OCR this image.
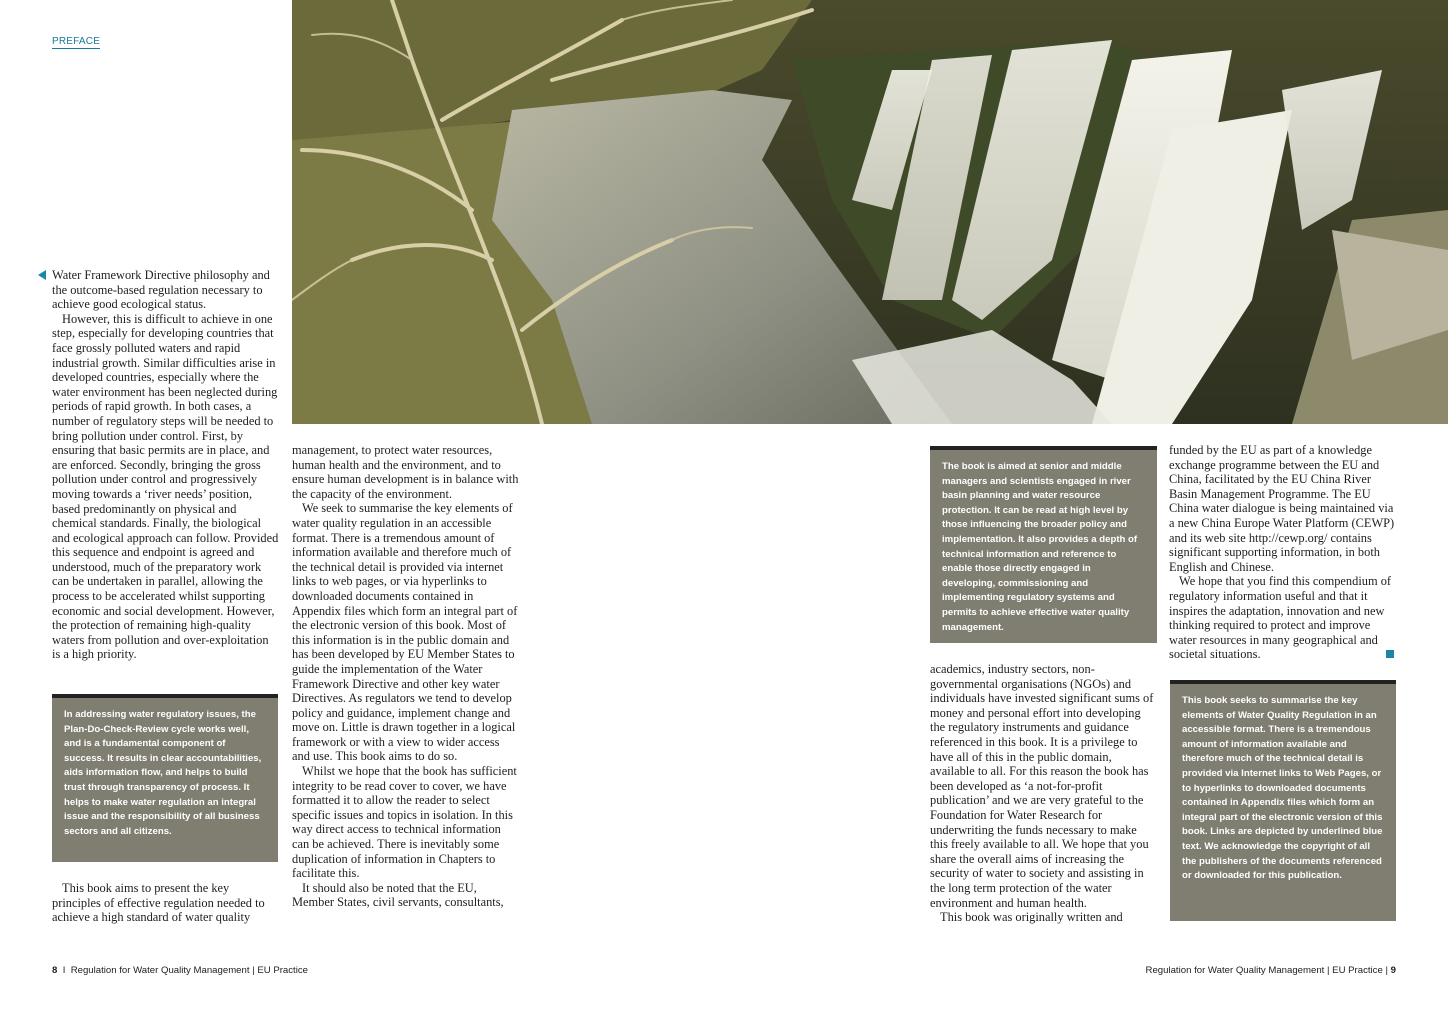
PREFACE

Water Framework Directive philosophy and the outcome-based regulation necessary to achieve good ecological status.

However, this is difficult to achieve in one step, especially for developing countries that face grossly polluted waters and rapid industrial growth. Similar difficulties arise in developed countries, especially where the water environment has been neglected during periods of rapid growth. In both cases, a number of regulatory steps will be needed to bring pollution under control. First, by ensuring that basic permits are in place, and are enforced. Secondly, bringing the gross pollution under control and progressively moving towards a ‘river needs’ position, based predominantly on physical and chemical standards. Finally, the biological and ecological approach can follow. Provided this sequence and endpoint is agreed and understood, much of the preparatory work can be undertaken in parallel, allowing the process to be accelerated whilst supporting economic and social development. However, the protection of remaining high-quality waters from pollution and over-exploitation is a high priority.

In addressing water regulatory issues, the Plan-Do-Check-Review cycle works well, and is a fundamental component of success. It results in clear accountabilities, aids information flow, and helps to build trust through transparency of process. It helps to make water regulation an integral issue and the responsibility of all business sectors and all citizens.

This book aims to present the key principles of effective regulation needed to achieve a high standard of water quality

management, to protect water resources, human health and the environment, and to ensure human development is in balance with the capacity of the environment.

We seek to summarise the key elements of water quality regulation in an accessible format. There is a tremendous amount of information available and therefore much of the technical detail is provided via internet links to web pages, or via hyperlinks to downloaded documents contained in Appendix files which form an integral part of the electronic version of this book. Most of this information is in the public domain and has been developed by EU Member States to guide the implementation of the Water Framework Directive and other key water Directives. As regulators we tend to develop policy and guidance, implement change and move on. Little is drawn together in a logical framework or with a view to wider access and use. This book aims to do so.

Whilst we hope that the book has sufficient integrity to be read cover to cover, we have formatted it to allow the reader to select specific issues and topics in isolation. In this way direct access to technical information can be achieved. There is inevitably some duplication of information in Chapters to facilitate this.

It should also be noted that the EU, Member States, civil servants, consultants,

The book is aimed at senior and middle managers and scientists engaged in river basin planning and water resource protection. It can be read at high level by those influencing the broader policy and implementation. It also provides a depth of technical information and reference to enable those directly engaged in developing, commissioning and implementing regulatory systems and permits to achieve effective water quality management.

academics, industry sectors, non-governmental organisations (NGOs) and individuals have invested significant sums of money and personal effort into developing the regulatory instruments and guidance referenced in this book. It is a privilege to have all of this in the public domain, available to all. For this reason the book has been developed as ‘a not-for-profit publication’ and we are very grateful to the Foundation for Water Research for underwriting the funds necessary to make this freely available to all. We hope that you share the overall aims of increasing the security of water to society and assisting in the long term protection of the water environment and human health.

This book was originally written and

funded by the EU as part of a knowledge exchange programme between the EU and China, facilitated by the EU China River Basin Management Programme. The EU China water dialogue is being maintained via a new China Europe Water Platform (CEWP) and its web site http://cewp.org/ contains significant supporting information, in both English and Chinese.

We hope that you find this compendium of regulatory information useful and that it inspires the adaptation, innovation and new thinking required to protect and improve water resources in many geographical and societal situations.

This book seeks to summarise the key elements of Water Quality Regulation in an accessible format. There is a tremendous amount of information available and therefore much of the technical detail is provided via Internet links to Web Pages, or to hyperlinks to downloaded documents contained in Appendix files which form an integral part of the electronic version of this book. Links are depicted by underlined blue text. We acknowledge the copyright of all the publishers of the documents referenced or downloaded for this publication.
8 I Regulation for Water Quality Management | EU Practice	Regulation for Water Quality Management | EU Practice | 9
